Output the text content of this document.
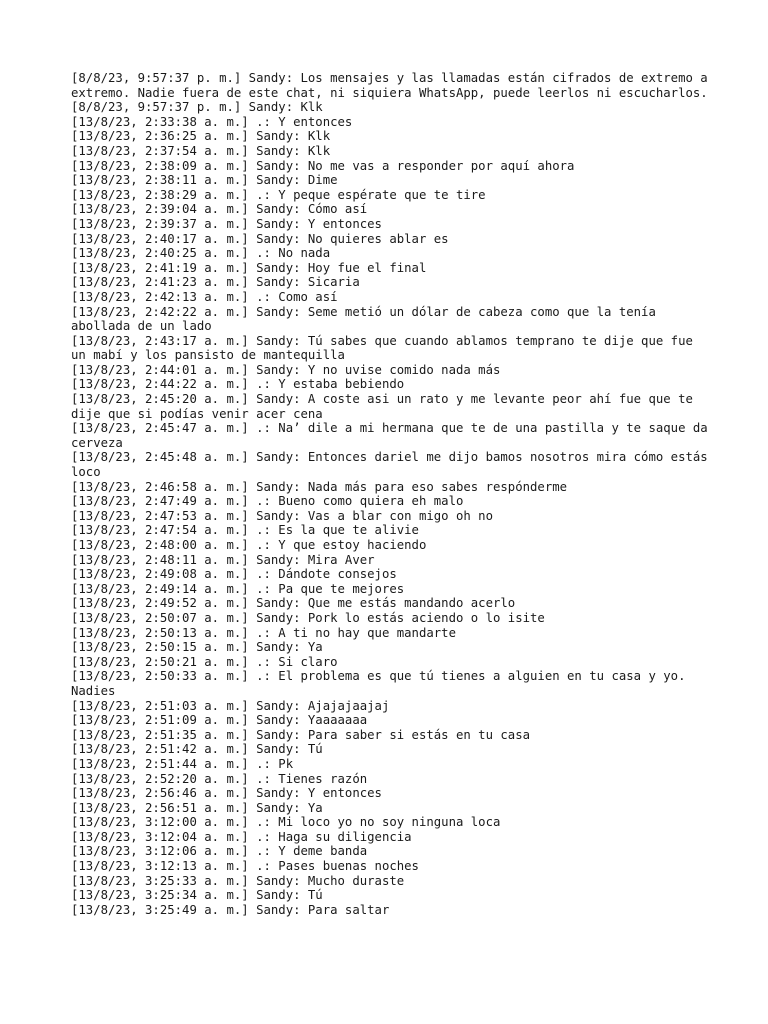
[8/8/23, 9:57:37 p. m.] Sandy: Los mensajes y las llamadas están cifrados de extremo a extremo. Nadie fuera de este chat, ni siquiera WhatsApp, puede leerlos ni escucharlos.

[8/8/23, 9:57:37 p. m.] Sandy: Klk

[13/8/23, 2:33:38 a. m.] .: Y entonces

[13/8/23, 2:36:25 a. m.] Sandy: Klk

[13/8/23, 2:37:54 a. m.] Sandy: Klk

[13/8/23, 2:38:09 a. m.] Sandy: No me vas a responder por aquí ahora

[13/8/23, 2:38:11 a. m.] Sandy: Dime

[13/8/23, 2:38:29 a. m.] .: Y peque espérate que te tire

[13/8/23, 2:39:04 a. m.] Sandy: Cómo así

[13/8/23, 2:39:37 a. m.] Sandy: Y entonces

[13/8/23, 2:40:17 a. m.] Sandy: No quieres ablar es

[13/8/23, 2:40:25 a. m.] .: No nada

[13/8/23, 2:41:19 a. m.] Sandy: Hoy fue el final

[13/8/23, 2:41:23 a. m.] Sandy: Sicaria

[13/8/23, 2:42:13 a. m.] .: Como así

[13/8/23, 2:42:22 a. m.] Sandy: Seme metió un dólar de cabeza como que la tenía abollada de un lado

[13/8/23, 2:43:17 a. m.] Sandy: Tú sabes que cuando ablamos temprano te dije que fue un mabí y los pansisto de mantequilla

[13/8/23, 2:44:01 a. m.] Sandy: Y no uvise comido nada más

[13/8/23, 2:44:22 a. m.] .: Y estaba bebiendo

[13/8/23, 2:45:20 a. m.] Sandy: A coste asi un rato y me levante peor ahí fue que te dije que si podías venir acer cena

[13/8/23, 2:45:47 a. m.] .: Na’ dile a mi hermana que te de una pastilla y te saque da cerveza

[13/8/23, 2:45:48 a. m.] Sandy: Entonces dariel me dijo bamos nosotros mira cómo estás loco

[13/8/23, 2:46:58 a. m.] Sandy: Nada más para eso sabes respónderme

[13/8/23, 2:47:49 a. m.] .: Bueno como quiera eh malo

[13/8/23, 2:47:53 a. m.] Sandy: Vas a blar con migo oh no

[13/8/23, 2:47:54 a. m.] .: Es la que te alivie

[13/8/23, 2:48:00 a. m.] .: Y que estoy haciendo

[13/8/23, 2:48:11 a. m.] Sandy: Mira Aver

[13/8/23, 2:49:08 a. m.] .: Dándote consejos

[13/8/23, 2:49:14 a. m.] .: Pa que te mejores

[13/8/23, 2:49:52 a. m.] Sandy: Que me estás mandando acerlo

[13/8/23, 2:50:07 a. m.] Sandy: Pork lo estás aciendo o lo isite

[13/8/23, 2:50:13 a. m.] .: A ti no hay que mandarte

[13/8/23, 2:50:15 a. m.] Sandy: Ya

[13/8/23, 2:50:21 a. m.] .: Si claro

[13/8/23, 2:50:33 a. m.] .: El problema es que tú tienes a alguien en tu casa y yo. Nadies

[13/8/23, 2:51:03 a. m.] Sandy: Ajajajaajaj

[13/8/23, 2:51:09 a. m.] Sandy: Yaaaaaaa

[13/8/23, 2:51:35 a. m.] Sandy: Para saber si estás en tu casa

[13/8/23, 2:51:42 a. m.] Sandy: Tú

[13/8/23, 2:51:44 a. m.] .: Pk

[13/8/23, 2:52:20 a. m.] .: Tienes razón

[13/8/23, 2:56:46 a. m.] Sandy: Y entonces

[13/8/23, 2:56:51 a. m.] Sandy: Ya

[13/8/23, 3:12:00 a. m.] .: Mi loco yo no soy ninguna loca

[13/8/23, 3:12:04 a. m.] .: Haga su diligencia

[13/8/23, 3:12:06 a. m.] .: Y deme banda

[13/8/23, 3:12:13 a. m.] .: Pases buenas noches

[13/8/23, 3:25:33 a. m.] Sandy: Mucho duraste

[13/8/23, 3:25:34 a. m.] Sandy: Tú

[13/8/23, 3:25:49 a. m.] Sandy: Para saltar
